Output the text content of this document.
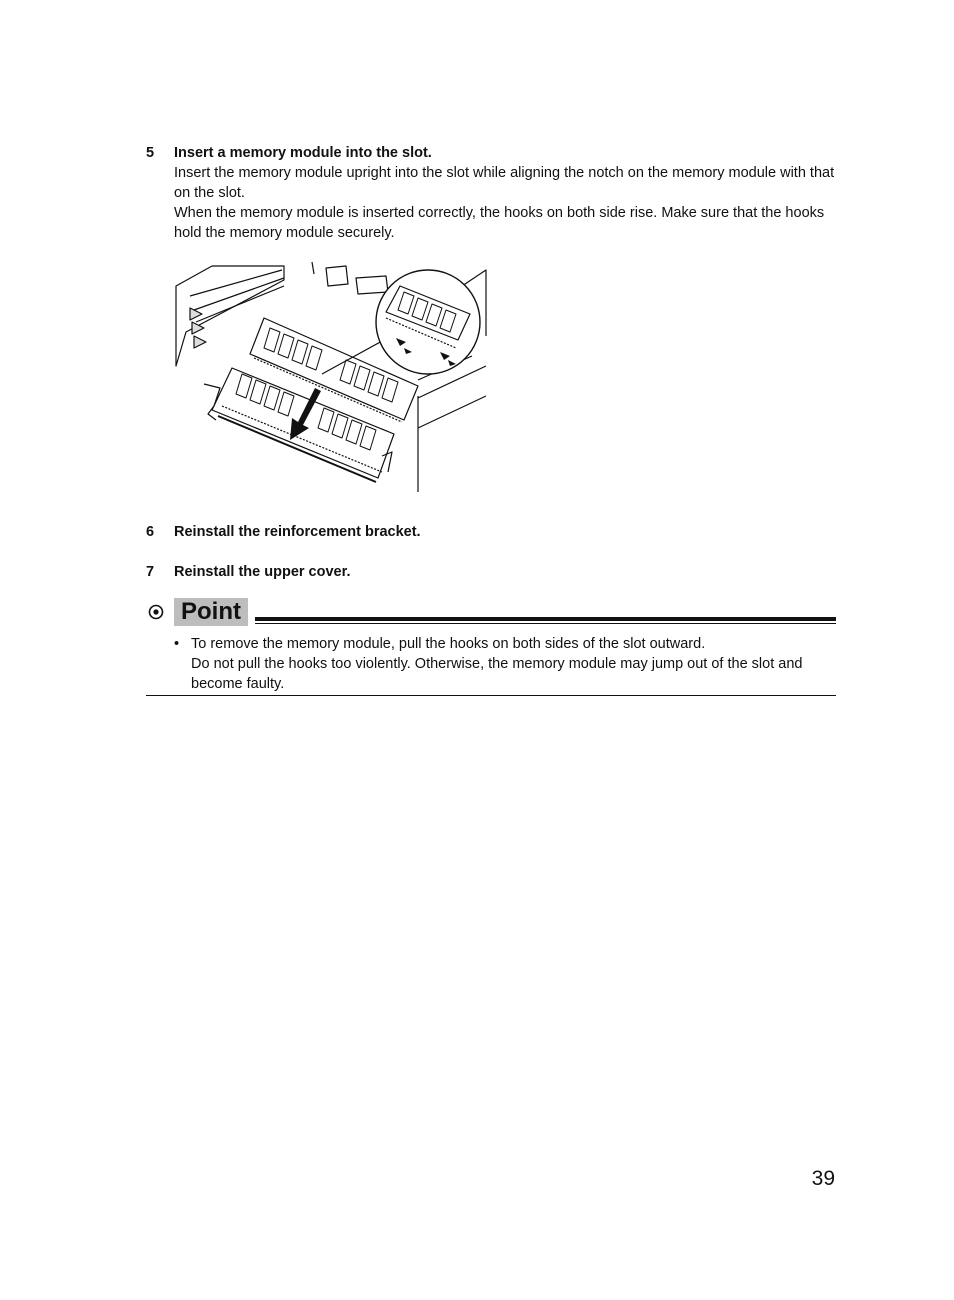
5 Insert a memory module into the slot.

Insert the memory module upright into the slot while aligning the notch on the memory module with that on the slot.

When the memory module is inserted correctly, the hooks on both side rise. Make sure that the hooks hold the memory module securely.

6 Reinstall the reinforcement bracket.

7 Reinstall the upper cover.

Point
• To remove the memory module, pull the hooks on both sides of the slot outward.

Do not pull the hooks too violently. Otherwise, the memory module may jump out of the slot and become faulty.

39
